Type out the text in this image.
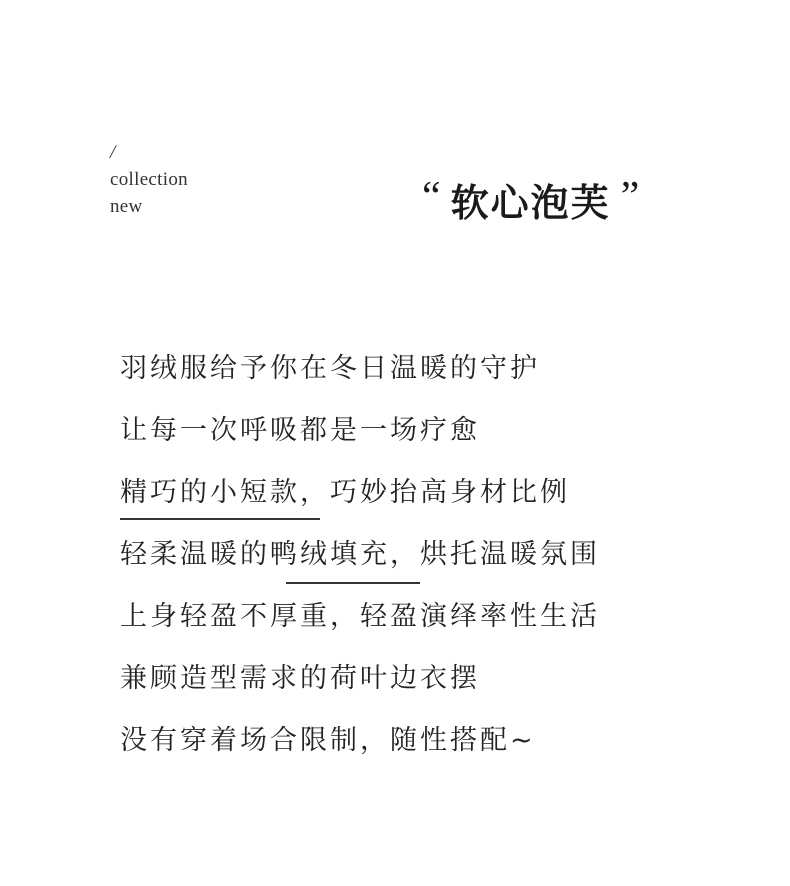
/
collection
new	“ 软心泡芙 ”
羽绒服给予你在冬日温暖的守护
让每一次呼吸都是一场疗愈
精巧的小短款，巧妙抬高身材比例
轻柔温暖的鸭绒填充，烘托温暖氛围
上身轻盈不厚重，轻盈演绎率性生活
兼顾造型需求的荷叶边衣摆
没有穿着场合限制，随性搭配~
